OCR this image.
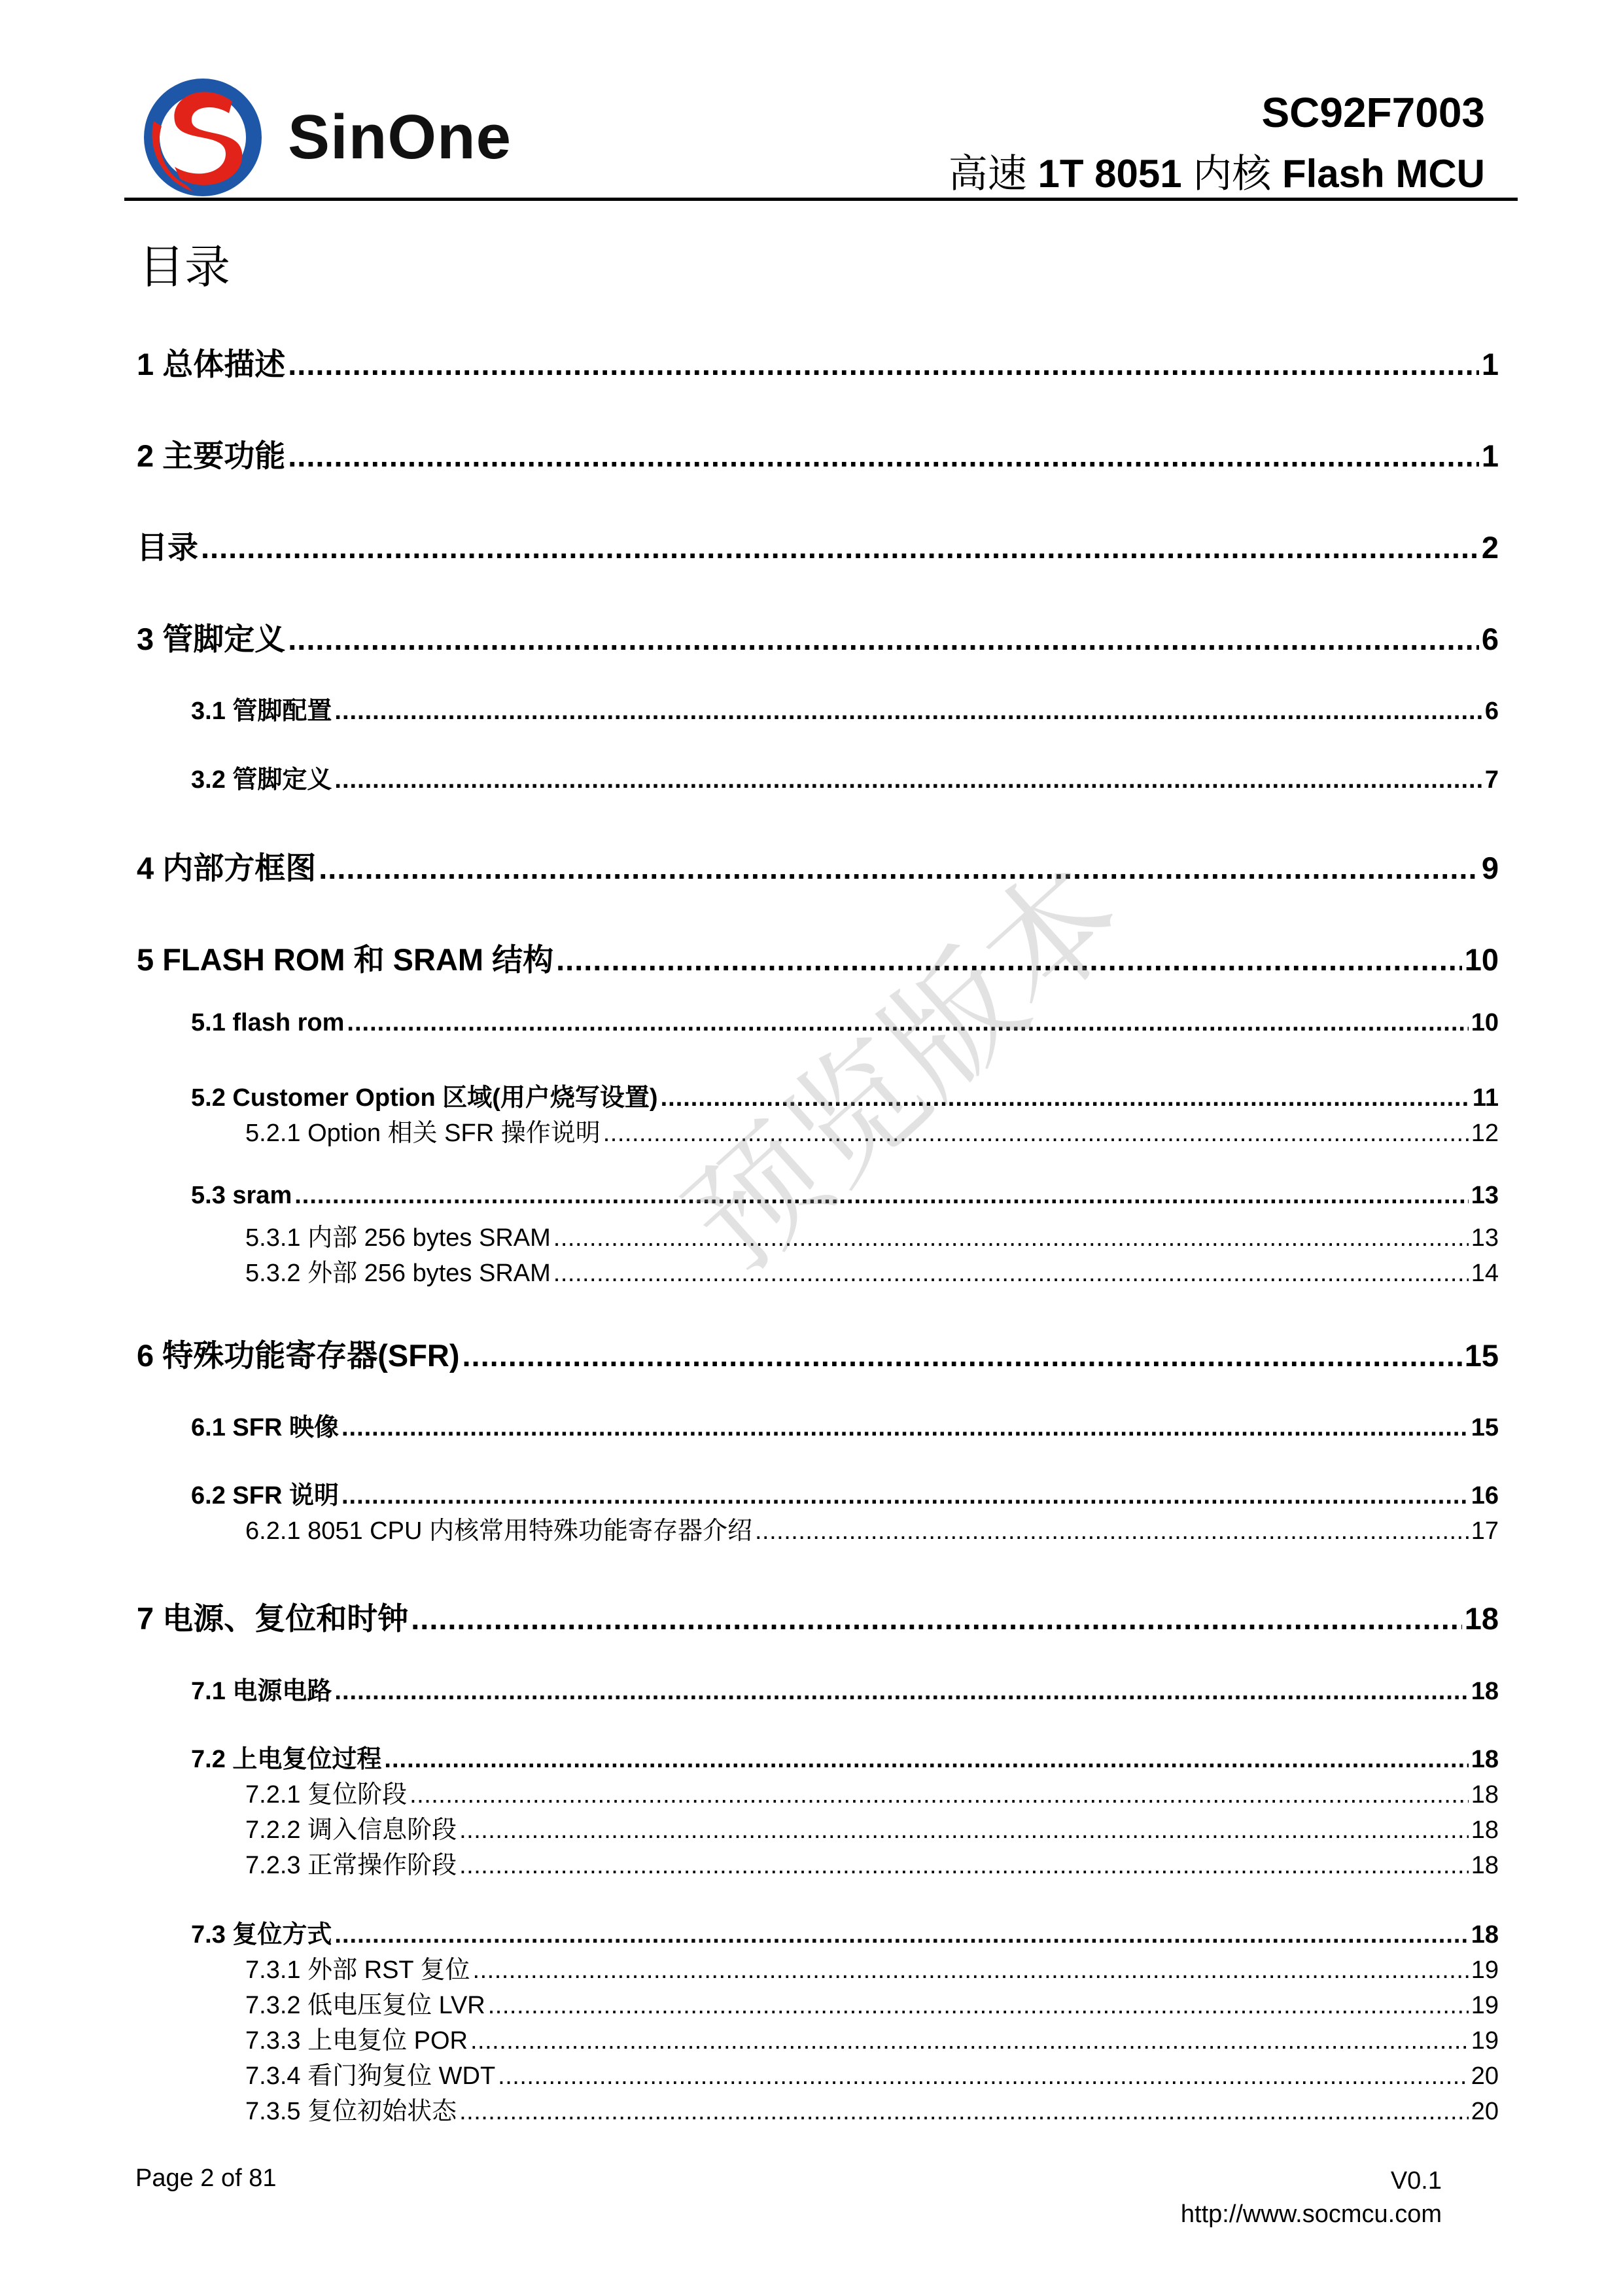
SinOne	SC92F7003
高速 1T 8051 内核 Flash MCU
目录
1 总体描述 .....	1
2 主要功能 .....	1
目录 .....	2
3 管脚定义 .....	6
3.1 管脚配置 .....	6
3.2 管脚定义 .....	7
4 内部方框图 .....	9
5 FLASH ROM 和 SRAM 结构 .....	10
5.1 flash rom .....	10
5.2 Customer Option 区域(用户烧写设置) .....	11
5.2.1 Option 相关 SFR 操作说明 .....	12
5.3 sram .....	13
5.3.1 内部 256 bytes SRAM .....	13
5.3.2 外部 256 bytes SRAM .....	14
6 特殊功能寄存器(SFR) .....	15
6.1 SFR 映像 .....	15
6.2 SFR 说明 .....	16
6.2.1 8051 CPU 内核常用特殊功能寄存器介绍 .....	17
7 电源、复位和时钟 .....	18
7.1 电源电路 .....	18
7.2 上电复位过程 .....	18
7.2.1 复位阶段 .....	18
7.2.2 调入信息阶段 .....	18
7.2.3 正常操作阶段 .....	18
7.3 复位方式 .....	18
7.3.1 外部 RST 复位 .....	19
7.3.2 低电压复位 LVR .....	19
7.3.3 上电复位 POR .....	19
7.3.4 看门狗复位 WDT .....	20
7.3.5 复位初始状态 .....	20
预览版本
Page 2 of 81	V0.1
http://www.socmcu.com
